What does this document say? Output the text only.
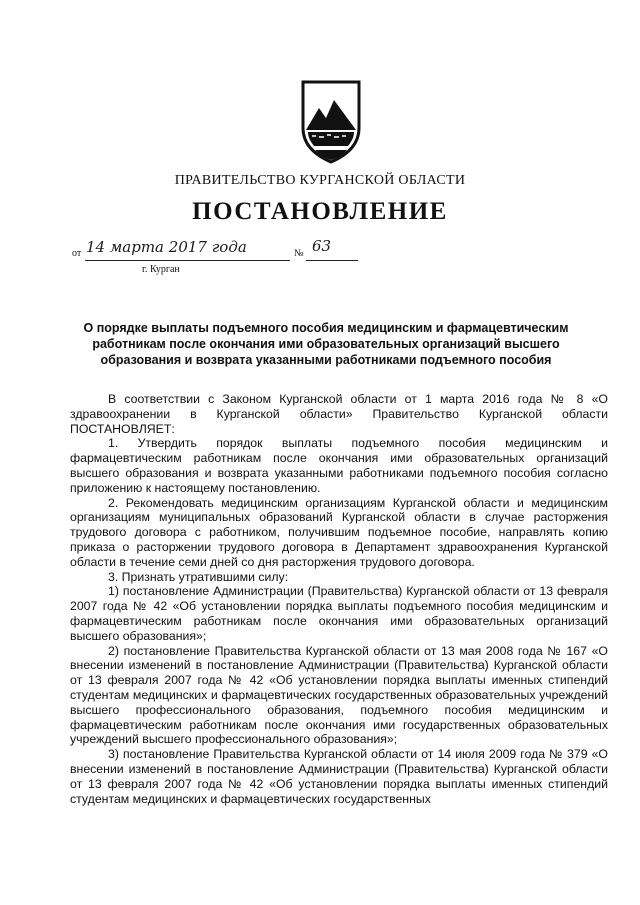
ПРАВИТЕЛЬСТВО КУРГАНСКОЙ ОБЛАСТИ
ПОСТАНОВЛЕНИЕ
от 14 марта 2017 года	№ 63
г. Курган
О порядке выплаты подъемного пособия медицинским и фармацевтическим работникам после окончания ими образовательных организаций высшего образования и возврата указанными работниками подъемного пособия

В соответствии с Законом Курганской области от 1 марта 2016 года № 8 «О здравоохранении в Курганской области» Правительство Курганской области ПОСТАНОВЛЯЕТ:

1. Утвердить порядок выплаты подъемного пособия медицинским и фармацевтическим работникам после окончания ими образовательных организаций высшего образования и возврата указанными работниками подъемного пособия согласно приложению к настоящему постановлению.

2. Рекомендовать медицинским организациям Курганской области и медицинским организациям муниципальных образований Курганской области в случае расторжения трудового договора с работником, получившим подъемное пособие, направлять копию приказа о расторжении трудового договора в Департамент здравоохранения Курганской области в течение семи дней со дня расторжения трудового договора.

3. Признать утратившими силу:

1) постановление Администрации (Правительства) Курганской области от 13 февраля 2007 года № 42 «Об установлении порядка выплаты подъемного пособия медицинским и фармацевтическим работникам после окончания ими образовательных организаций высшего образования»;

2) постановление Правительства Курганской области от 13 мая 2008 года № 167 «О внесении изменений в постановление Администрации (Правительства) Курганской области от 13 февраля 2007 года № 42 «Об установлении порядка выплаты именных стипендий студентам медицинских и фармацевтических государственных образовательных учреждений высшего профессионального образования, подъемного пособия медицинским и фармацевтическим работникам после окончания ими государственных образовательных учреждений высшего профессионального образования»;

3) постановление Правительства Курганской области от 14 июля 2009 года № 379 «О внесении изменений в постановление Администрации (Правительства) Курганской области от 13 февраля 2007 года № 42 «Об установлении порядка выплаты именных стипендий студентам медицинских и фармацевтических государственных
